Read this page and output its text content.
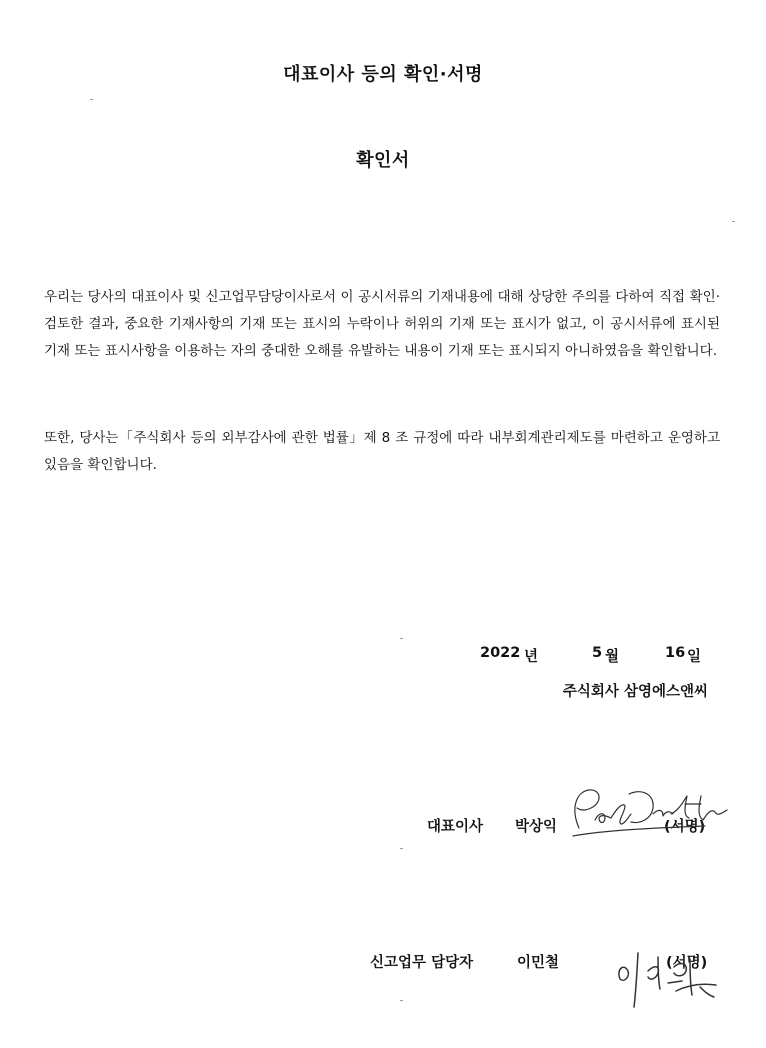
대표이사 등의 확인·서명
확인서

우리는 당사의 대표이사 및 신고업무담당이사로서 이 공시서류의 기재내용에 대해 상당한 주의를 다하여 직접 확인·검토한 결과, 중요한 기재사항의 기재 또는 표시의 누락이나 허위의 기재 또는 표시가 없고, 이 공시서류에 표시된 기재 또는 표시사항을 이용하는 자의 중대한 오해를 유발하는 내용이 기재 또는 표시되지 아니하였음을 확인합니다.

또한, 당사는「주식회사 등의 외부감사에 관한 법률」제 8 조 규정에 따라 내부회계관리제도를 마련하고 운영하고 있음을 확인합니다.

2022 년	5 월	16 일
주식회사 삼영에스앤씨
대표이사 박상익	(서명)
신고업무 담당자	이민철	(서명)
